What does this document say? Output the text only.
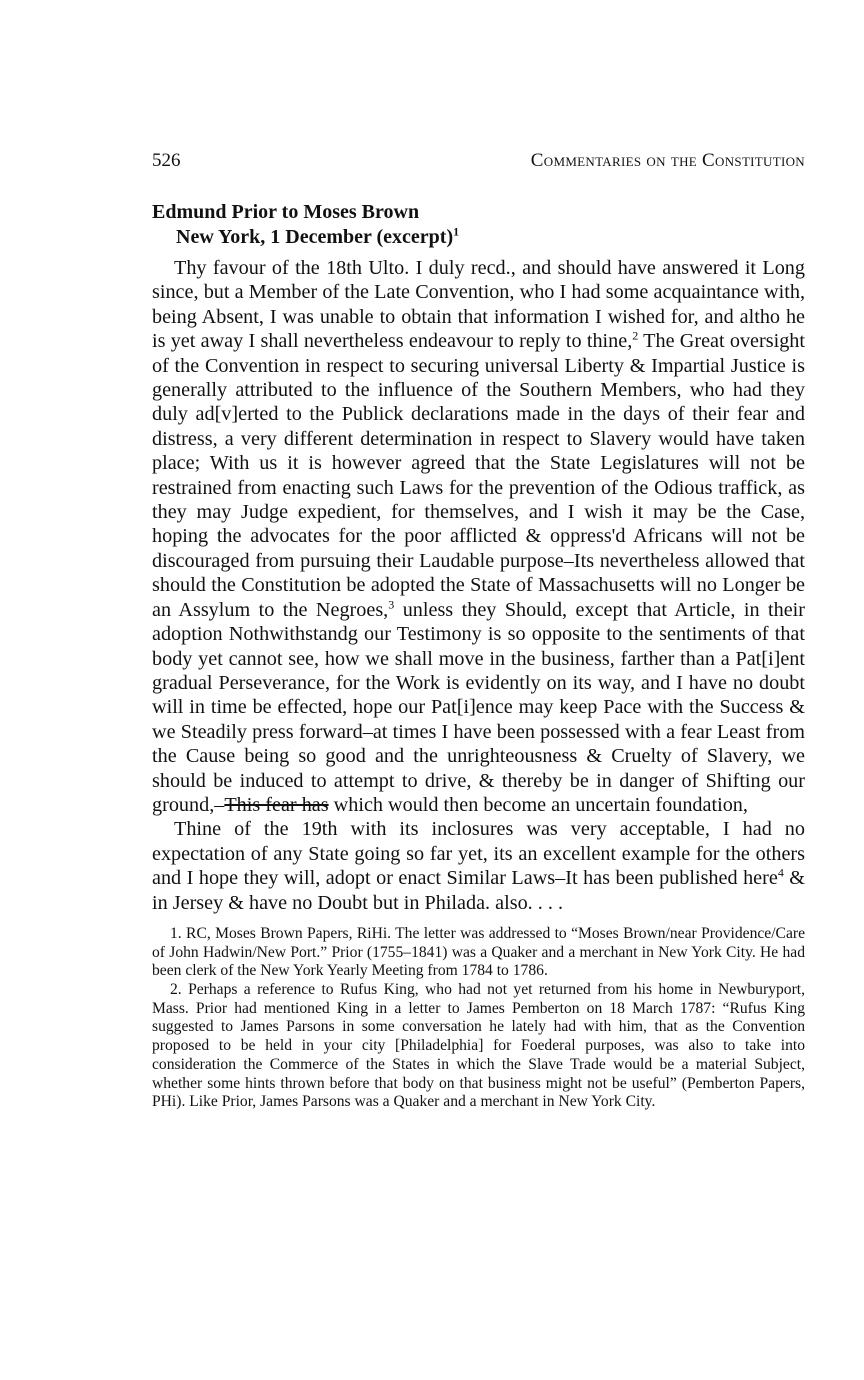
526	Commentaries on the Constitution
Edmund Prior to Moses Brown
New York, 1 December (excerpt)$^1$

Thy favour of the 18th Ulto. I duly recd., and should have answered it Long since, but a Member of the Late Convention, who I had some acquaintance with, being Absent, I was unable to obtain that information I wished for, and altho he is yet away I shall nevertheless endeavour to reply to thine,$^2$ The Great oversight of the Convention in respect to securing universal Liberty & Impartial Justice is generally attributed to the influence of the Southern Members, who had they duly ad[v]erted to the Publick declarations made in the days of their fear and distress, a very different determination in respect to Slavery would have taken place; With us it is however agreed that the State Legislatures will not be restrained from enacting such Laws for the prevention of the Odious traffick, as they may Judge expedient, for themselves, and I wish it may be the Case, hoping the advocates for the poor afflicted & oppress'd Africans will not be discouraged from pursuing their Laudable purpose–Its nevertheless allowed that should the Constitution be adopted the State of Massachusetts will no Longer be an Assylum to the Negroes,$^3$ unless they Should, except that Article, in their adoption Nothwithstandg our Testimony is so opposite to the sentiments of that body yet cannot see, how we shall move in the business, farther than a Pat[i]ent gradual Perseverance, for the Work is evidently on its way, and I have no doubt will in time be effected, hope our Pat[i]ence may keep Pace with the Success & we Steadily press forward–at times I have been possessed with a fear Least from the Cause being so good and the unrighteousness & Cruelty of Slavery, we should be induced to attempt to drive, & thereby be in danger of Shifting our ground,–This fear has which would then become an uncertain foundation,

Thine of the 19th with its inclosures was very acceptable, I had no expectation of any State going so far yet, its an excellent example for the others and I hope they will, adopt or enact Similar Laws–It has been published here$^4$ & in Jersey & have no Doubt but in Philada. also. . . .

1. RC, Moses Brown Papers, RiHi. The letter was addressed to “Moses Brown/near Providence/Care of John Hadwin/New Port.” Prior (1755–1841) was a Quaker and a merchant in New York City. He had been clerk of the New York Yearly Meeting from 1784 to 1786.

2. Perhaps a reference to Rufus King, who had not yet returned from his home in Newburyport, Mass. Prior had mentioned King in a letter to James Pemberton on 18 March 1787: “Rufus King suggested to James Parsons in some conversation he lately had with him, that as the Convention proposed to be held in your city [Philadelphia] for Foederal purposes, was also to take into consideration the Commerce of the States in which the Slave Trade would be a material Subject, whether some hints thrown before that body on that business might not be useful” (Pemberton Papers, PHi). Like Prior, James Parsons was a Quaker and a merchant in New York City.
